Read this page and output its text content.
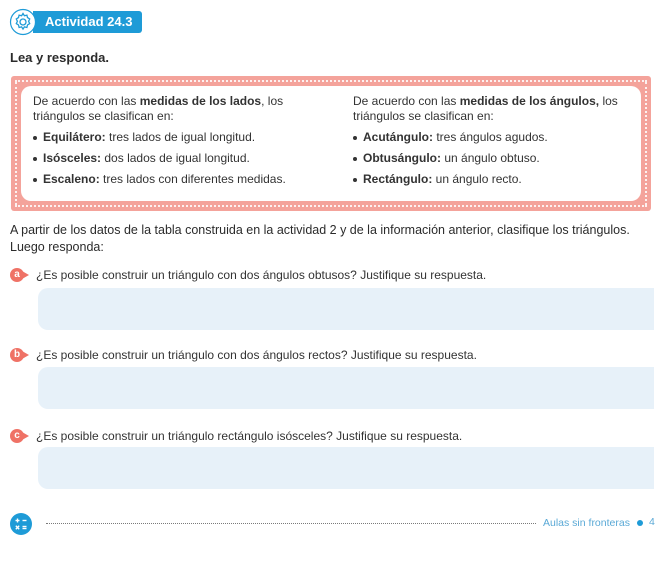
Actividad 24.3
Lea y responda.

De acuerdo con las medidas de los lados, los triángulos se clasifican en:

Equilátero: tres lados de igual longitud.
Isósceles: dos lados de igual longitud.
Escaleno: tres lados con diferentes medidas.

De acuerdo con las medidas de los ángulos, los triángulos se clasifican en:

Acutángulo: tres ángulos agudos.
Obtusángulo: un ángulo obtuso.
Rectángulo: un ángulo recto.
A partir de los datos de la tabla construida en la actividad 2 y de la información anterior, clasifique los triángulos. Luego responda:
a	¿Es posible construir un triángulo con dos ángulos obtusos? Justifique su respuesta.
b	¿Es posible construir un triángulo con dos ángulos rectos? Justifique su respuesta.
c	¿Es posible construir un triángulo rectángulo isósceles? Justifique su respuesta.
Aulas sin fronteras 4
